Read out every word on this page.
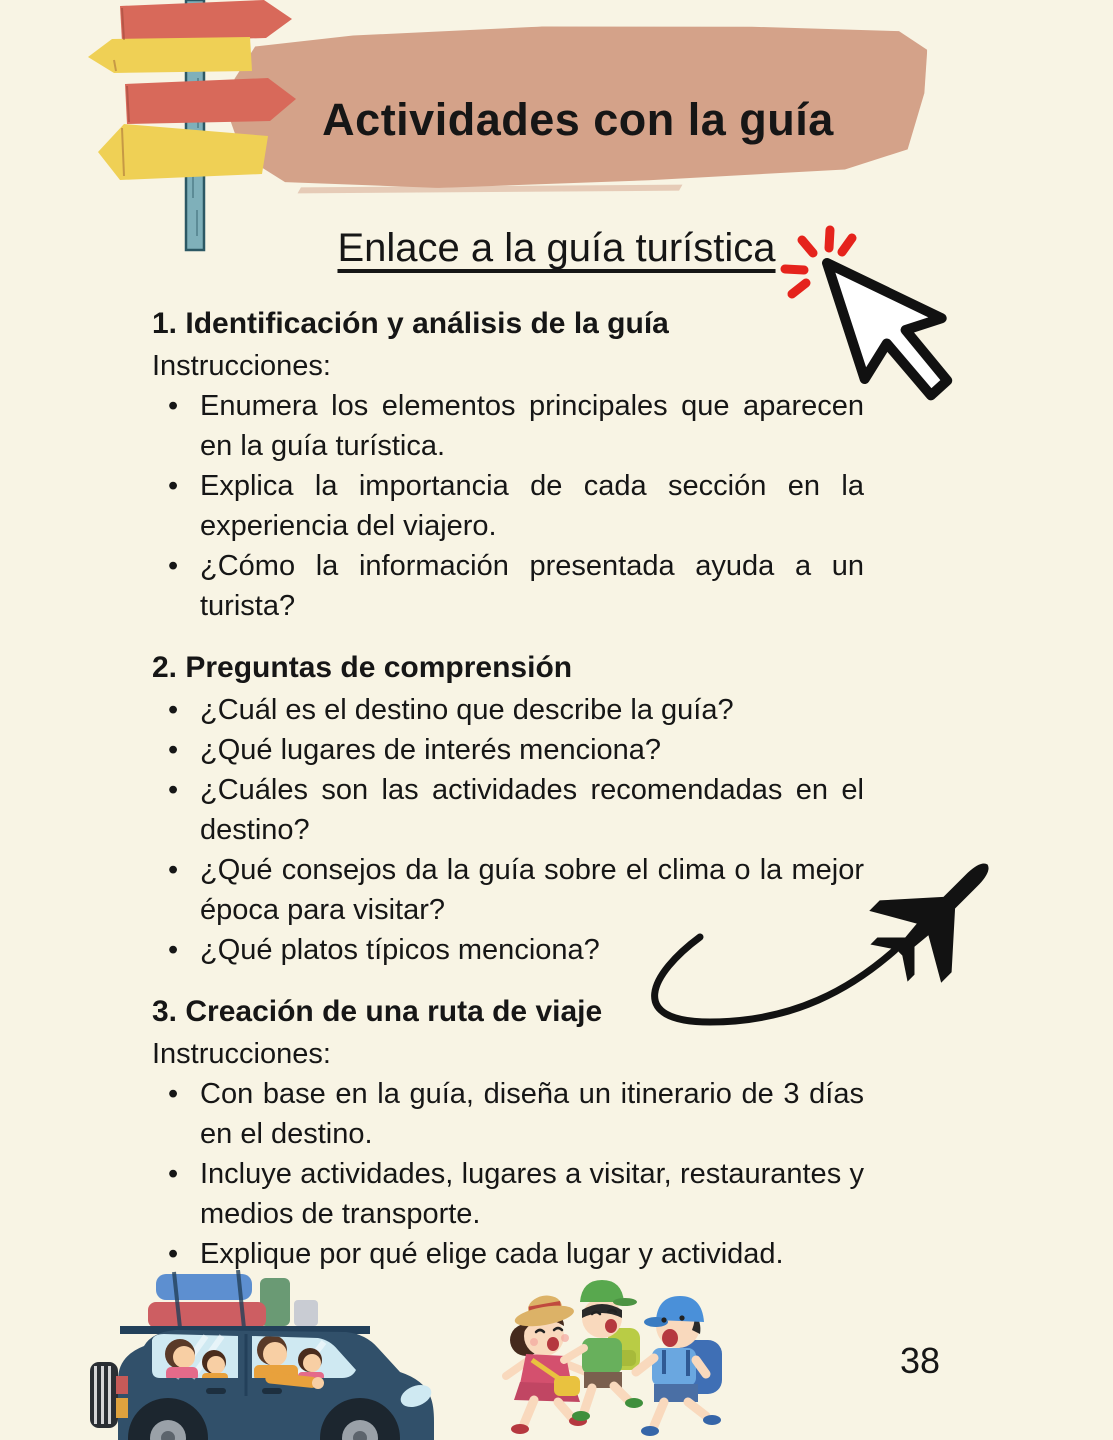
Actividades con la guía
Enlace a la guía turística
1. Identificación y análisis de la guía

Instrucciones:

• Enumera los elementos principales que aparecen en la guía turística.
• Explica la importancia de cada sección en la experiencia del viajero.
• ¿Cómo la información presentada ayuda a un turista?
2. Preguntas de comprensión
• ¿Cuál es el destino que describe la guía?
• ¿Qué lugares de interés menciona?
• ¿Cuáles son las actividades recomendadas en el destino?
• ¿Qué consejos da la guía sobre el clima o la mejor época para visitar?
• ¿Qué platos típicos menciona?
3. Creación de una ruta de viaje

Instrucciones:

• Con base en la guía, diseña un itinerario de 3 días en el destino.
• Incluye actividades, lugares a visitar, restaurantes y medios de transporte.
• Explique por qué elige cada lugar y actividad.
38
